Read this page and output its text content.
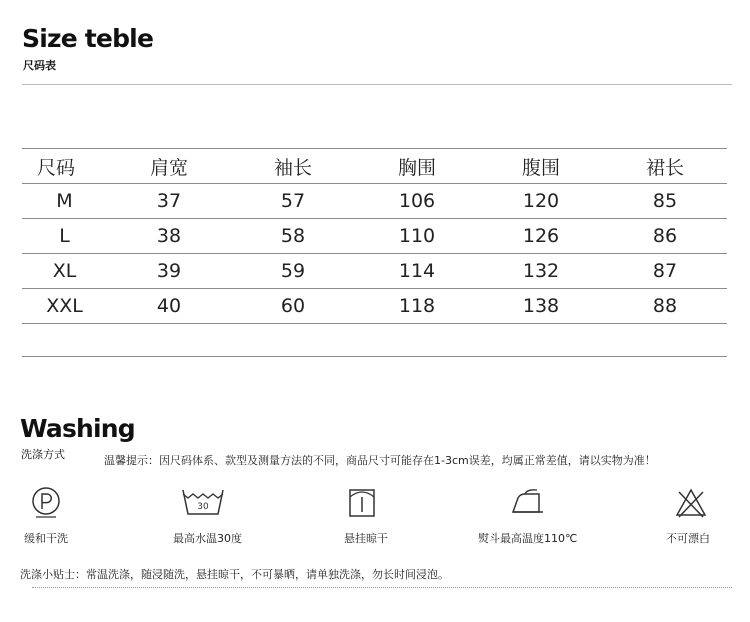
Size teble
尺码表
尺码	肩宽	袖长	胸围	腹围	裙长
M	37	57	106	120	85
L	38	58	110	126	86
XL	39	59	114	132	87
XXL	40	60	118	138	88
Washing
洗涤方式	温馨提示：因尺码体系、款型及测量方法的不同，商品尺寸可能存在1-3cm误差，均属正常差值，请以实物为准！
缓和干洗
30
最高水温30度	悬挂晾干	熨斗最高温度110℃	不可漂白
洗涤小贴士：常温洗涤，随浸随洗，悬挂晾干，不可暴晒，请单独洗涤，勿长时间浸泡。
